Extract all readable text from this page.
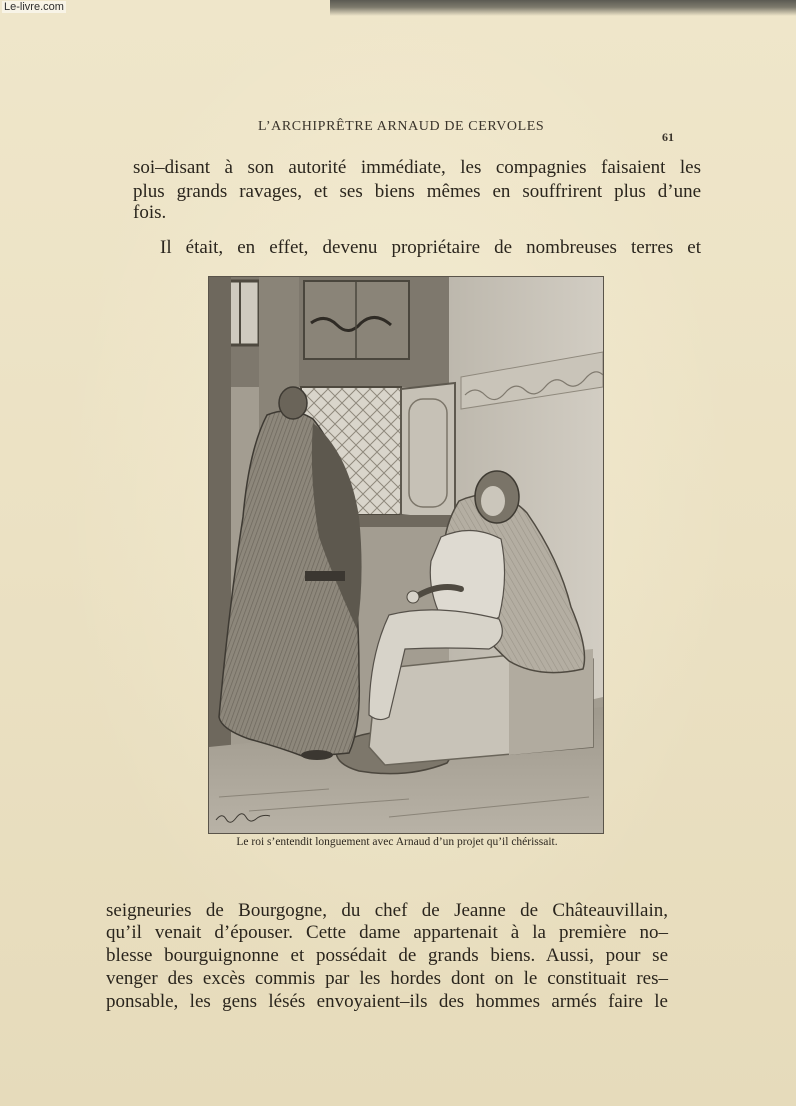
Le-livre.com
L’ARCHIPRÊTRE ARNAUD DE CERVOLES
61
soi–disant à son autorité immédiate, les compagnies faisaient les
plus grands ravages, et ses biens mêmes en souffrirent plus d’une
fois.
Il était, en effet, devenu propriétaire de nombreuses terres et
Le roi s’entendit longuement avec Arnaud d’un projet qu’il chérissait.
seigneuries de Bourgogne, du chef de Jeanne de Châteauvillain,
qu’il venait d’épouser. Cette dame appartenait à la première no–
blesse bourguignonne et possédait de grands biens. Aussi, pour se
venger des excès commis par les hordes dont on le constituait res–
ponsable, les gens lésés envoyaient–ils des hommes armés faire le
